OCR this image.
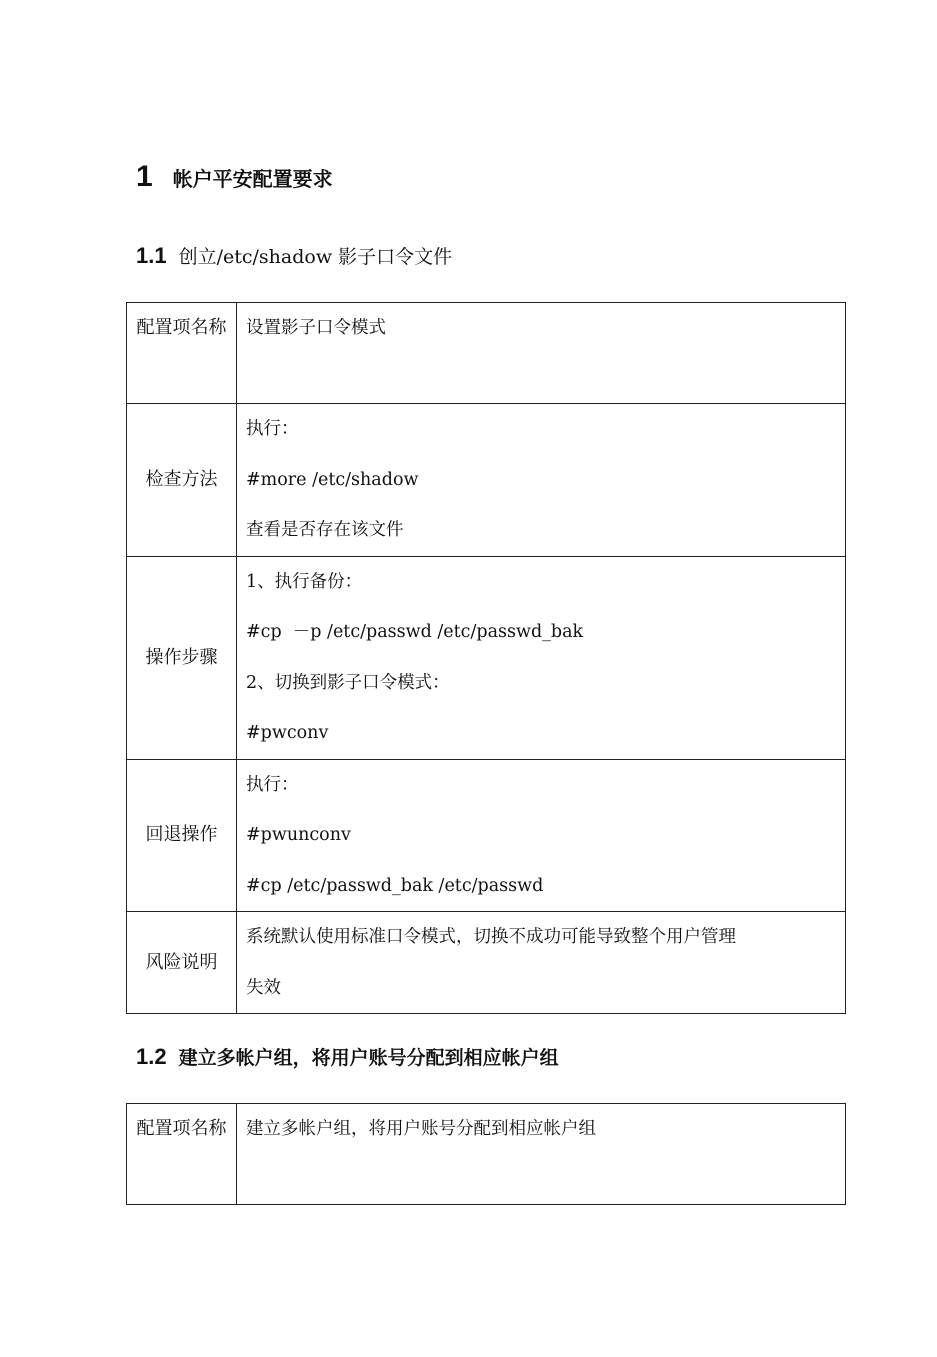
1 帐户平安配置要求
1.1 创立/etc/shadow 影子口令文件
配置项名称	设置影子口令模式

检查方法	执行：
#more /etc/shadow
查看是否存在该文件

操作步骤	1、执行备份：
#cp  －p /etc/passwd /etc/passwd_bak
2、切换到影子口令模式：
#pwconv

回退操作	执行：
#pwunconv
#cp /etc/passwd_bak /etc/passwd

风险说明	系统默认使用标准口令模式，切换不成功可能导致整个用户管理
失效
1.2 建立多帐户组，将用户账号分配到相应帐户组
配置项名称	建立多帐户组，将用户账号分配到相应帐户组
